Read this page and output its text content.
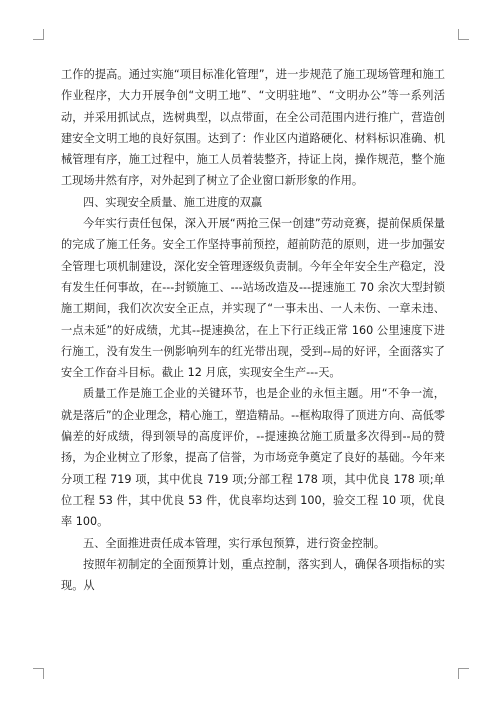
工作的提高。通过实施“项目标准化管理”，进一步规范了施工现场管理和施工作业程序，大力开展争创“文明工地”、“文明驻地”、“文明办公”等一系列活动，并采用抓试点，选树典型，以点带面，在全公司范围内进行推广，营造创建安全文明工地的良好氛围。达到了：作业区内道路硬化、材料标识准确、机械管理有序，施工过程中，施工人员着装整齐，持证上岗，操作规范，整个施工现场井然有序，对外起到了树立了企业窗口新形象的作用。

四、实现安全质量、施工进度的双赢

今年实行责任包保，深入开展“两抢三保一创建”劳动竞赛，提前保质保量的完成了施工任务。安全工作坚持事前预控，超前防范的原则，进一步加强安全管理七项机制建设，深化安全管理逐级负责制。今年全年安全生产稳定，没有发生任何事故，在---封锁施工、---站场改造及---提速施工 70 余次大型封锁施工期间，我们次次安全正点，并实现了“一事未出、一人未伤、一章未违、一点未延”的好成绩，尤其--提速换岔，在上下行正线正常 160 公里速度下进行施工，没有发生一例影响列车的红光带出现，受到--局的好评，全面落实了安全工作奋斗目标。截止 12 月底，实现安全生产---天。

质量工作是施工企业的关键环节，也是企业的永恒主题。用“不争一流，就是落后”的企业理念，精心施工，塑造精品。--框构取得了顶进方向、高低零偏差的好成绩，得到领导的高度评价，--提速换岔施工质量多次得到--局的赞扬，为企业树立了形象，提高了信誉，为市场竞争奠定了良好的基础。今年来分项工程 719 项，其中优良 719 项;分部工程 178 项，其中优良 178 项;单位工程 53 件，其中优良 53 件，优良率均达到 100，验交工程 10 项，优良率 100。

五、全面推进责任成本管理，实行承包预算，进行资金控制。

按照年初制定的全面预算计划，重点控制，落实到人，确保各项指标的实现。从
